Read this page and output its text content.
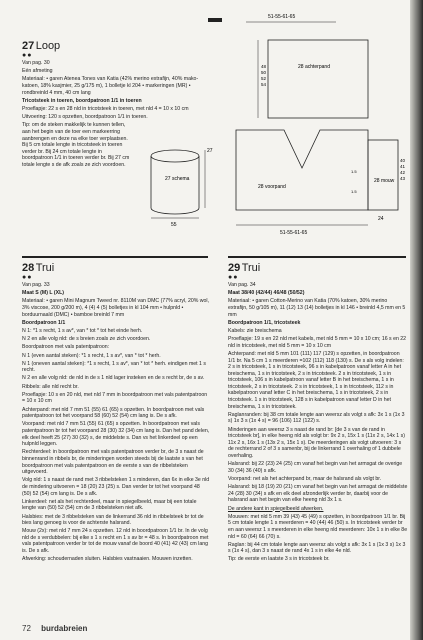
27 Loop
●●

Van pag. 30

Eén afmeting

Materiaal: • garen Atenea Tones van Katia (42% merino extrafijn, 40% mako-katoen, 18% kasjmier, 25 g/175 m), 1 bolletje kl 204 • markeringen (MR) • rondbreinld 4 mm, 40 cm lang

Tricotsteek in toeren, boordpatroon 1/1 in toeren

Proeflapje: 22 s en 28 nld in tricotsteek in toeren, met nld 4 = 10 x 10 cm

Uitvoering: 120 s opzetten, boordpatroon 1/1 in toeren.

Tip: om de steken makkelijk te kunnen tellen, aan het begin van de toer een markeerring aanbrengen en deze na elke toer verplaatsen. Bij 5 cm totale lengte in tricotsteek in toeren verder br. Bij 24 cm totale lengte in boordpatroon 1/1 in toeren verder br. Bij 27 cm totale lengte s de afk zoals ze zich voordoen.

27 schema
27
55
51-55-61-65
48
50
52
54
28 achterpand
28 voorpand
51-55-61-65
28 mouw
40
41
42
43
24
1.5
1.5
28 Trui
●●

Van pag. 33

Maat S (M) L (XL)

Materiaal: • garen Mini Magnum Tweed nr. 8110M van DMC (77% acryl, 20% wol, 3% viscose, 200 g/200 m), 4 (4) 4 (5) bolletjes in kl 104 mm • hulpnld • borduurnaald (DMC) • bamboe breinld 7 mm

Boordpatroon 1/1

N 1: *1 s recht, 1 s av*, van * tot * tot het einde herh.

N 2 en alle volg nld: de s breien zoals ze zich voordoen.

Boordpatroon met vals patentpatroon:

N 1 (even aantal steken): *1 s recht, 1 s av*, van * tot * herh.

N 1 (oneven aantal steken): *1 s recht, 1 s av*, van * tot * herh. eindigen met 1 s recht.

N 2 en alle volg nld: de nld in de s 1 nld lager insteken en de s recht br, de s av.

Ribbels: alle nld recht br.

Proeflapje: 10 s en 20 nld, met nld 7 mm in boordpatroon met vals patentpatroon = 10 x 10 cm

Achterpand: met nld 7 mm 51 (55) 61 (65) s opzetten. In boordpatroon met vals patentpatroon tot het voorpand 58 (60) 52 (54) cm lang is. De s afk.

Voorpand: met nld 7 mm 51 (55) 61 (65) s opzetten. In boordpatroon met vals patentpatroon br tot het voorpand 28 (30) 32 (34) cm lang is. Dan het pand delen, elk deel heeft 25 (27) 30 (32) s, de middelste s. Dan vs het linkerdeel op een hulpnld leggen.

Rechterdeel: in boordpatroon met vals patentpatroon verder br, de 3 s naast de binnenrand in ribbels br, de minderingen worden steeds bij de laatste s van het boordpatroon met vals patentpatroon en de eerste s van de ribbelsteken uitgevoerd.

Volg nld: 1 s naast de rand met 3 ribbelsteken 1 s minderen, dan 6x in elke 3e nld de mindering uitvoeren = 18 (20) 23 (25) s. Dan verder br tot het voorpand 48 (50) 52 (54) cm lang is. De s afk.

Linkerdeel: net als het rechterdeel, maar in spiegelbeeld, maar bij een totale lengte van (50) 52 (54) cm de 3 ribbelsteken niet afk.

Halsbies: met de 3 ribbelsteken van de linkerrand 36 nld in ribbelsteek br tot de bies lang genoeg is voor de achterste halsrand.

Mouw (2x): met nld 7 mm 24 s opzetten. 12 nld in boordpatroon 1/1 br. In de volg nld de s verdubbelen: bij elke s 1 s recht en 1 s av br = 48 s. In boordpatroon met vals patentpatroon verder br tot de mouw vanaf de boord 40 (41) 42 (43) cm lang is. De s afk.

Afwerking: schoudernaden sluiten. Halsbies vastnaaien. Mouwen inzetten.

29 Trui
●●

Van pag. 34

Maat 38/40 (42/44) 46/48 (50/52)

Materiaal: • garen Cotton-Merino van Katia (70% katoen, 30% merino extrafijn, 50 g/105 m), 11 (12) 13 (14) bolletjes in kl 146 • breinld 4,5 mm en 5 mm

Boordpatroon 1/1, tricotsteek

Kabels: zie breischema

Proeflapje: 19 s en 22 nld met kabels, met nld 5 mm = 10 x 10 cm; 16 s en 22 nld in tricotsteek, met nld 5 mm = 10 x 10 cm

Achterpand: met nld 5 mm 101 (111) 117 (129) s opzetten, in boordpatroon 1/1 br. Na 5 cm 1 s meerderen =102 (112) 118 (130) s. De s als volg indelen: 2 s in tricotsteek, 1 s in tricotsteek, 96 s in kabelpatroon vanaf letter A in het breischema, 1 s in tricotsteek, 2 s in tricotsteek. 2 s in tricotsteek, 1 s in tricotsteek, 106 s in kabelpatroon vanaf letter B in het breischema, 1 s in tricotsteek, 2 s in tricotsteek. 2 s in tricotsteek, 1 s in tricotsteek, 112 s in kabelpatroon vanaf letter C in het breischema, 1 s in tricotsteek, 2 s in tricotsteek. 1 s in tricotsteek, 128 s in kabelpatroon vanaf letter D in het breischema, 1 s in tricotsteek.

Raglanranden: bij 38 cm totale lengte aan weersz als volgt s afk: 3x 1 s (1x 3 s) 1x 3 s (1x 4 s) = 96 (106) 112 (122) s.

Minderingen aan weersz 3 s naast de rand br: [de 3 s van de rand in tricotsteek br], in elke heeng nld als volgt br: 9x 2 s, 15x 1 s (11x 2 s, 14x 1 s) 11x 2 s, 16x 1 s (13x 2 s, 15x 1 s). De meerderingen als volgt uitvoeren: 3 s de rechterrand 2 of 3 s samenbr, bij de linkerrand 1 overhaling of 1 dubbele overhaling.

Halsrand: bij 22 (23) 24 (25) cm vanaf het begin van het armsgat de overige 30 (34) 36 (40) s afk.

Voorpand: net als het achterpand br, maar de halsrand als volgt br.

Halsrand: bij 18 (19) 20 (21) cm vanaf het begin van het armsgat de middelste 24 (28) 30 (34) s afk en elk deel afzonderlijk verder br, daarbij voor de halsrand aan het begin van elke heeng nld 3x 1 s.

De andere kant in spiegelbeeld afwerken.

Mouwen: met nld 5 mm 39 (43) 45 (49) s opzetten, in boordpatroon 1/1 br. Bij 5 cm totale lengte 1 s meerderen = 40 (44) 46 (50) s. In tricotsteek verder br en aan weersz 1 s meerderen in elke heeng nld meerderen: 10x 1 s in elke 8e nld = 60 (64) 66 (70) s.

Raglan: bij 44 cm totale lengte aan weersz als volgt s afk: 3x 1 s (1x 3 s) 1x 3 s (1x 4 s), dan 3 s naast de rand 4x 1 s in elke 4e nld.

Tip: de eerste en laatste 3 s in tricotsteek br.

72 burdabreien
